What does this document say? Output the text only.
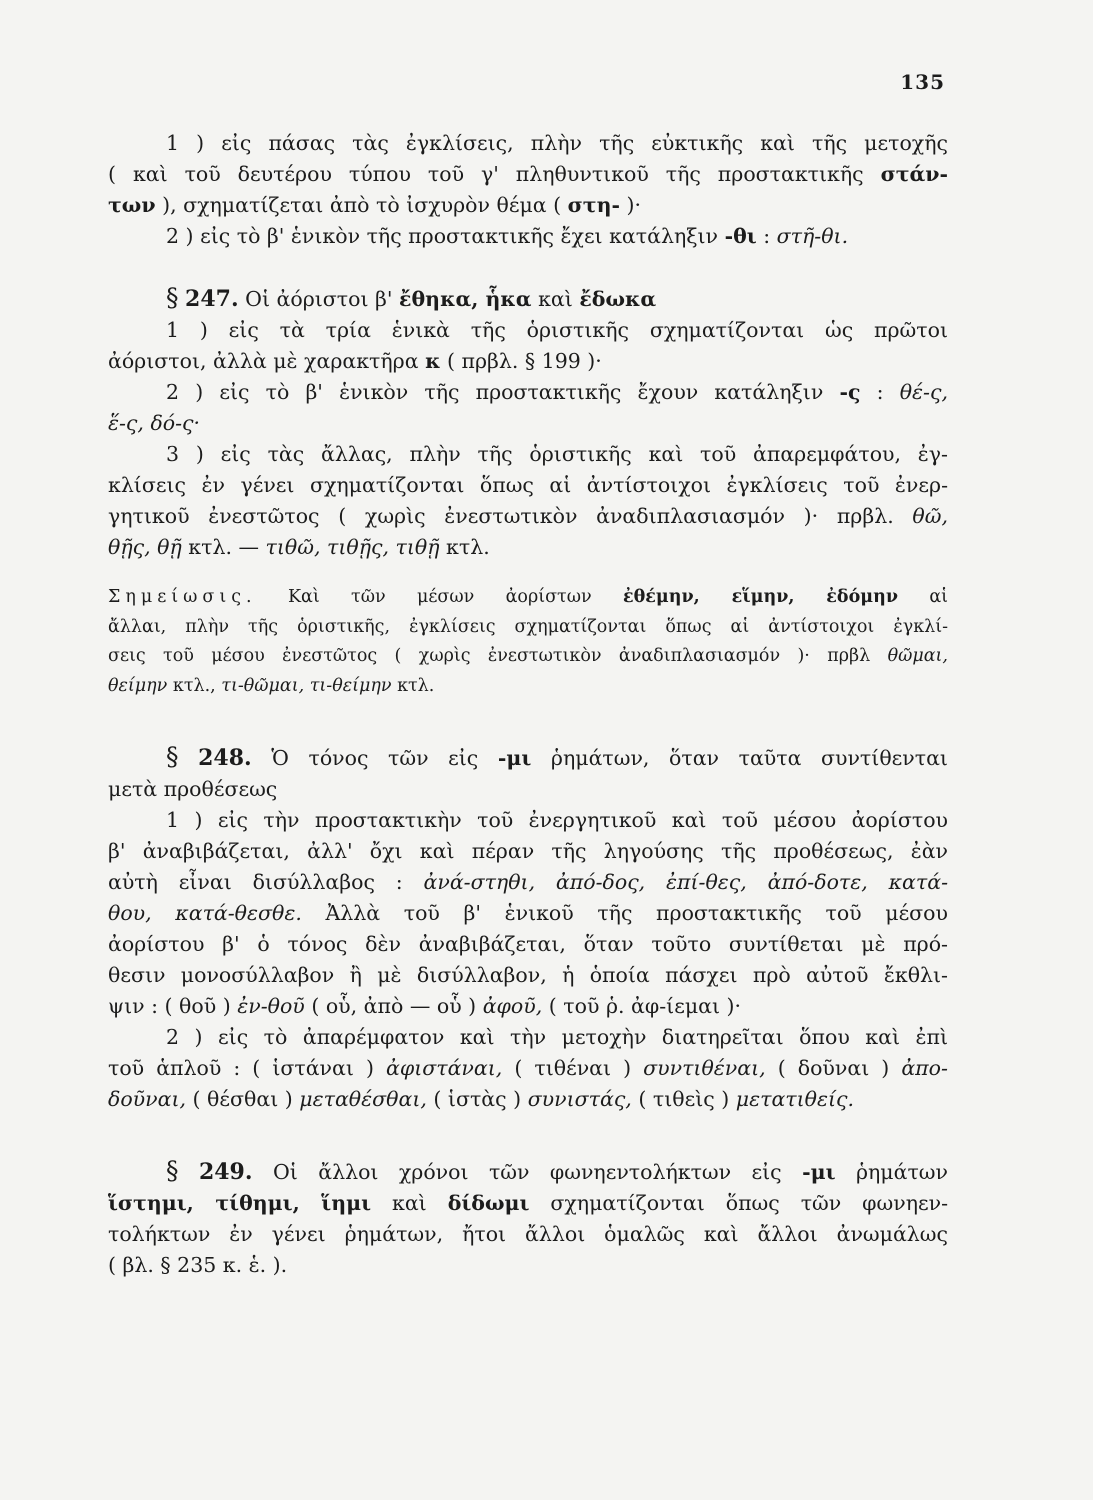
135

1 ) εἰς πάσας τὰς ἐγκλίσεις, πλὴν τῆς εὐκτικῆς καὶ τῆς μετοχῆς

( καὶ τοῦ δευτέρου τύπου τοῦ γ' πληθυντικοῦ τῆς προστακτικῆς στάν-

των ), σχηματίζεται ἀπὸ τὸ ἰσχυρὸν θέμα ( στη- )·

2 ) εἰς τὸ β' ἑνικὸν τῆς προστακτικῆς ἔχει κατάληξιν -θι : στῆ-θι.

§ 247. Οἱ ἀόριστοι β' ἔθηκα, ἧκα καὶ ἔδωκα

1 ) εἰς τὰ τρία ἑνικὰ τῆς ὁριστικῆς σχηματίζονται ὡς πρῶτοι

ἀόριστοι, ἀλλὰ μὲ χαρακτῆρα κ ( πρβλ. § 199 )·

2 ) εἰς τὸ β' ἑνικὸν τῆς προστακτικῆς ἔχουν κατάληξιν -ς : θέ-ς,

ἕ-ς, δό-ς·

3 ) εἰς τὰς ἄλλας, πλὴν τῆς ὁριστικῆς καὶ τοῦ ἀπαρεμφάτου, ἐγ-

κλίσεις ἐν γένει σχηματίζονται ὅπως αἱ ἀντίστοιχοι ἐγκλίσεις τοῦ ἐνερ-

γητικοῦ ἐνεστῶτος ( χωρὶς ἐνεστωτικὸν ἀναδιπλασιασμόν )· πρβλ. θῶ,

θῇς, θῇ κτλ. — τιθῶ, τιθῇς, τιθῇ κτλ.

Σημείωσις. Καὶ τῶν μέσων ἀορίστων ἐθέμην, εἵμην, ἐδόμην αἱ

ἄλλαι, πλὴν τῆς ὁριστικῆς, ἐγκλίσεις σχηματίζονται ὅπως αἱ ἀντίστοιχοι ἐγκλί-

σεις τοῦ μέσου ἐνεστῶτος ( χωρὶς ἐνεστωτικὸν ἀναδιπλασιασμόν )· πρβλ θῶμαι,

θείμην κτλ., τι-θῶμαι, τι-θείμην κτλ.

§ 248. Ὁ τόνος τῶν εἰς -μι ῥημάτων, ὅταν ταῦτα συντίθενται

μετὰ προθέσεως

1 ) εἰς τὴν προστακτικὴν τοῦ ἐνεργητικοῦ καὶ τοῦ μέσου ἀορίστου

β' ἀναβιβάζεται, ἀλλ' ὄχι καὶ πέραν τῆς ληγούσης τῆς προθέσεως, ἐὰν

αὐτὴ εἶναι δισύλλαβος : ἀνά-στηθι, ἀπό-δος, ἐπί-θες, ἀπό-δοτε, κατά-

θου, κατά-θεσθε. Ἀλλὰ τοῦ β' ἑνικοῦ τῆς προστακτικῆς τοῦ μέσου

ἀορίστου β' ὁ τόνος δὲν ἀναβιβάζεται, ὅταν τοῦτο συντίθεται μὲ πρό-

θεσιν μονοσύλλαβον ἢ μὲ δισύλλαβον, ἡ ὁποία πάσχει πρὸ αὐτοῦ ἔκθλι-

ψιν : ( θοῦ ) ἐν-θοῦ ( οὗ, ἀπὸ — οὗ ) ἀφοῦ, ( τοῦ ῥ. ἀφ-ίεμαι )·

2 ) εἰς τὸ ἀπαρέμφατον καὶ τὴν μετοχὴν διατηρεῖται ὅπου καὶ ἐπὶ

τοῦ ἁπλοῦ : ( ἱστάναι ) ἀφιστάναι, ( τιθέναι ) συντιθέναι, ( δοῦναι ) ἀπο-

δοῦναι, ( θέσθαι ) μεταθέσθαι, ( ἱστὰς ) συνιστάς, ( τιθεὶς ) μετατιθείς.

§ 249. Οἱ ἄλλοι χρόνοι τῶν φωνηεντολήκτων εἰς -μι ῥημάτων

ἵστημι, τίθημι, ἵημι καὶ δίδωμι σχηματίζονται ὅπως τῶν φωνηεν-

τολήκτων ἐν γένει ῥημάτων, ἤτοι ἄλλοι ὁμαλῶς καὶ ἄλλοι ἀνωμάλως

( βλ. § 235 κ. ἑ. ).
